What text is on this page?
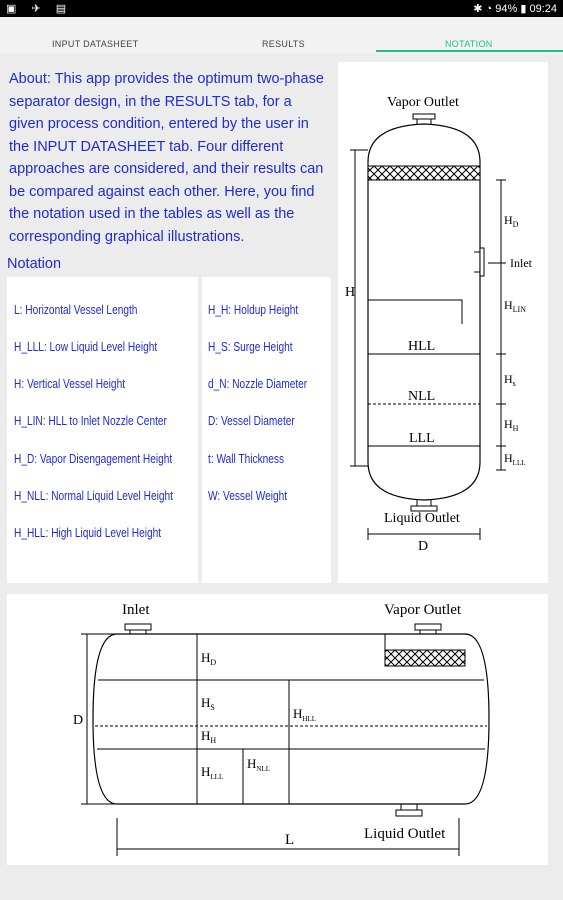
▣ ✈ ▤	✱ ◔ 94% ▮ 09:24
INPUT DATASHEET	RESULTS	NOTATION
About: This app provides the optimum two-phase separator design, in the RESULTS tab, for a given process condition, entered by the user in the INPUT DATASHEET tab. Four different approaches are considered, and their results can be compared against each other. Here, you find the notation used in the tables as well as the corresponding graphical illustrations.
Notation
L: Horizontal Vessel Length
H_LLL: Low Liquid Level Height
H: Vertical Vessel Height
H_LIN: HLL to Inlet Nozzle Center
H_D: Vapor Disengagement Height
H_NLL: Normal Liquid Level Height
H_HLL: High Liquid Level Height
H_H: Holdup Height
H_S: Surge Height
d_N: Nozzle Diameter
D: Vessel Diameter
t: Wall Thickness
W: Vessel Weight
Vapor Outlet
Inlet
HLL
NLL
LLL
Liquid Outlet
D
H
$H_D$
$H_{LIN}$
$H_s$
$H_H$
$H_{LLL}$
Inlet	Vapor Outlet
$H_D$
$H_S$
$H_H$
$H_{LLL}$
$H_{NLL}$
$H_{HLL}$
Liquid Outlet
D
L
